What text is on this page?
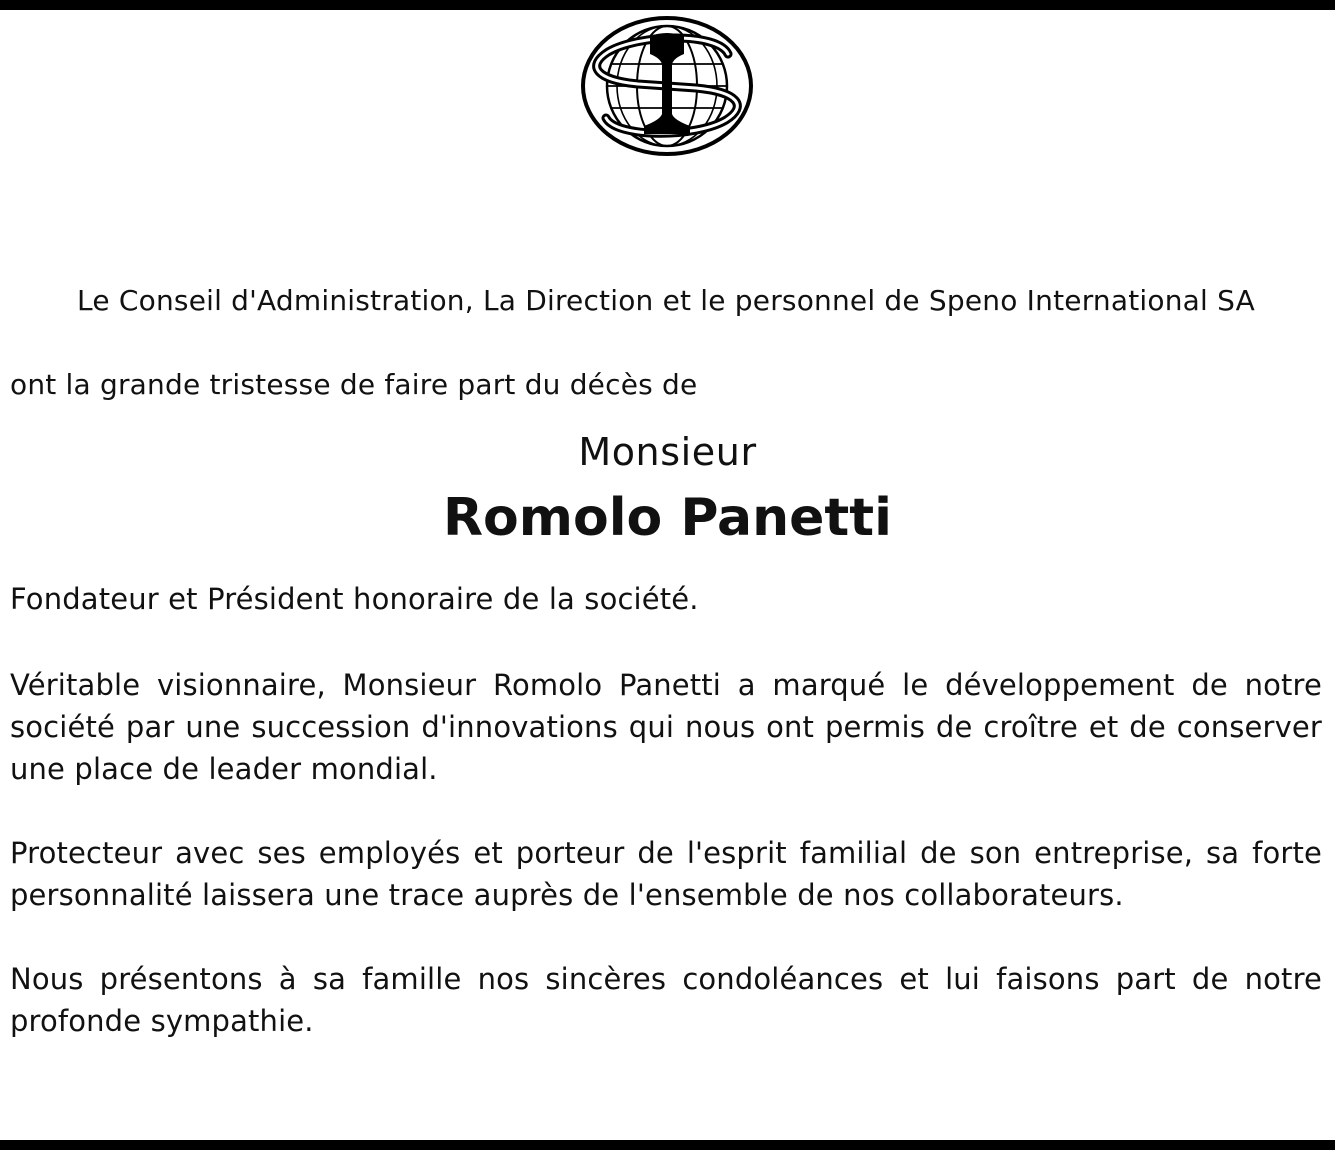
Le Conseil d'Administration, La Direction et le personnel de Speno International SA

ont la grande tristesse de faire part du décès de

Monsieur

Romolo Panetti

Fondateur et Président honoraire de la société.

Véritable visionnaire, Monsieur Romolo Panetti a marqué le développement de notre société par une succession d'innovations qui nous ont permis de croître et de conserver une place de leader mondial.

Protecteur avec ses employés et porteur de l'esprit familial de son entreprise, sa forte personnalité laissera une trace auprès de l'ensemble de nos collaborateurs.

Nous présentons à sa famille nos sincères condoléances et lui faisons part de notre profonde sympathie.
